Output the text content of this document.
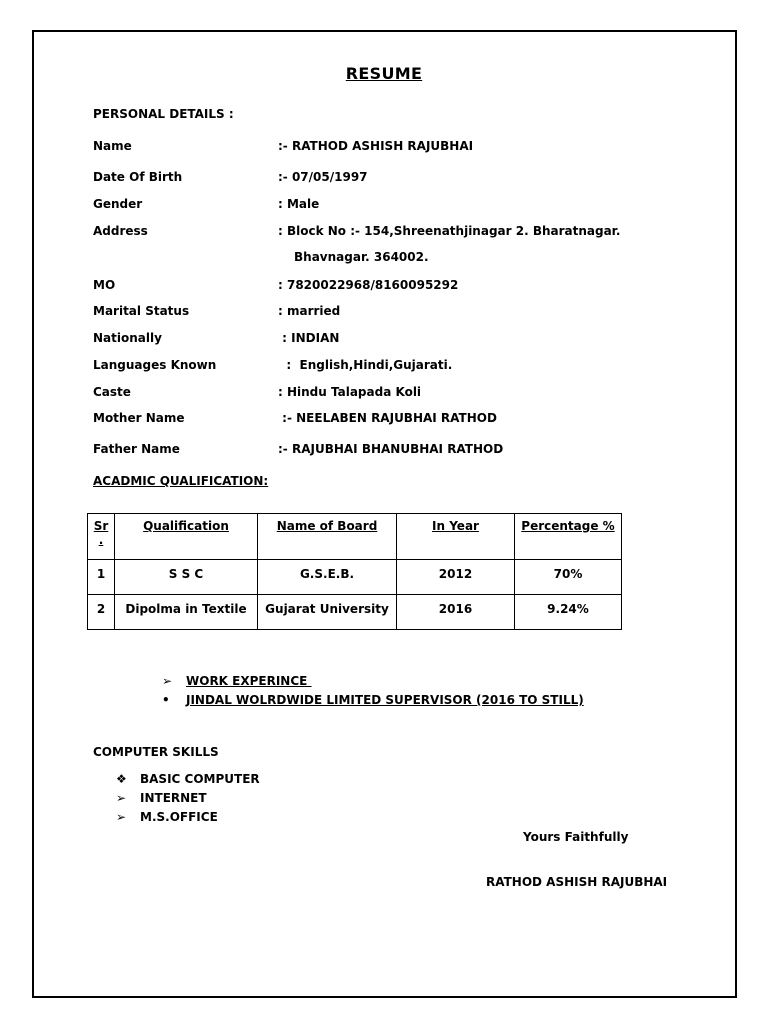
RESUME
PERSONAL DETAILS :
Name	:- RATHOD ASHISH RAJUBHAI
Date Of Birth	:- 07/05/1997
Gender	: Male
Address	: Block No :- 154,Shreenathjinagar 2. Bharatnagar.
Bhavnagar. 364002.
MO	: 7820022968/8160095292
Marital Status	: married
Nationally	: INDIAN
Languages Known	:  English,Hindi,Gujarati.
Caste	: Hindu Talapada Koli
Mother Name	:- NEELABEN RAJUBHAI RATHOD
Father Name	:- RAJUBHAI BHANUBHAI RATHOD
ACADMIC QUALIFICATION:
Sr
.	Qualification	Name of Board	In Year	Percentage %
1	S S C	G.S.E.B.	2012	70%
2	Dipolma in Textile	Gujarat University	2016	9.24%
➢ WORK EXPERINCE
• JINDAL WOLRDWIDE LIMITED SUPERVISOR (2016 TO STILL)
COMPUTER SKILLS
❖ BASIC COMPUTER
➢ INTERNET
➢ M.S.OFFICE
Yours Faithfully
RATHOD ASHISH RAJUBHAI
